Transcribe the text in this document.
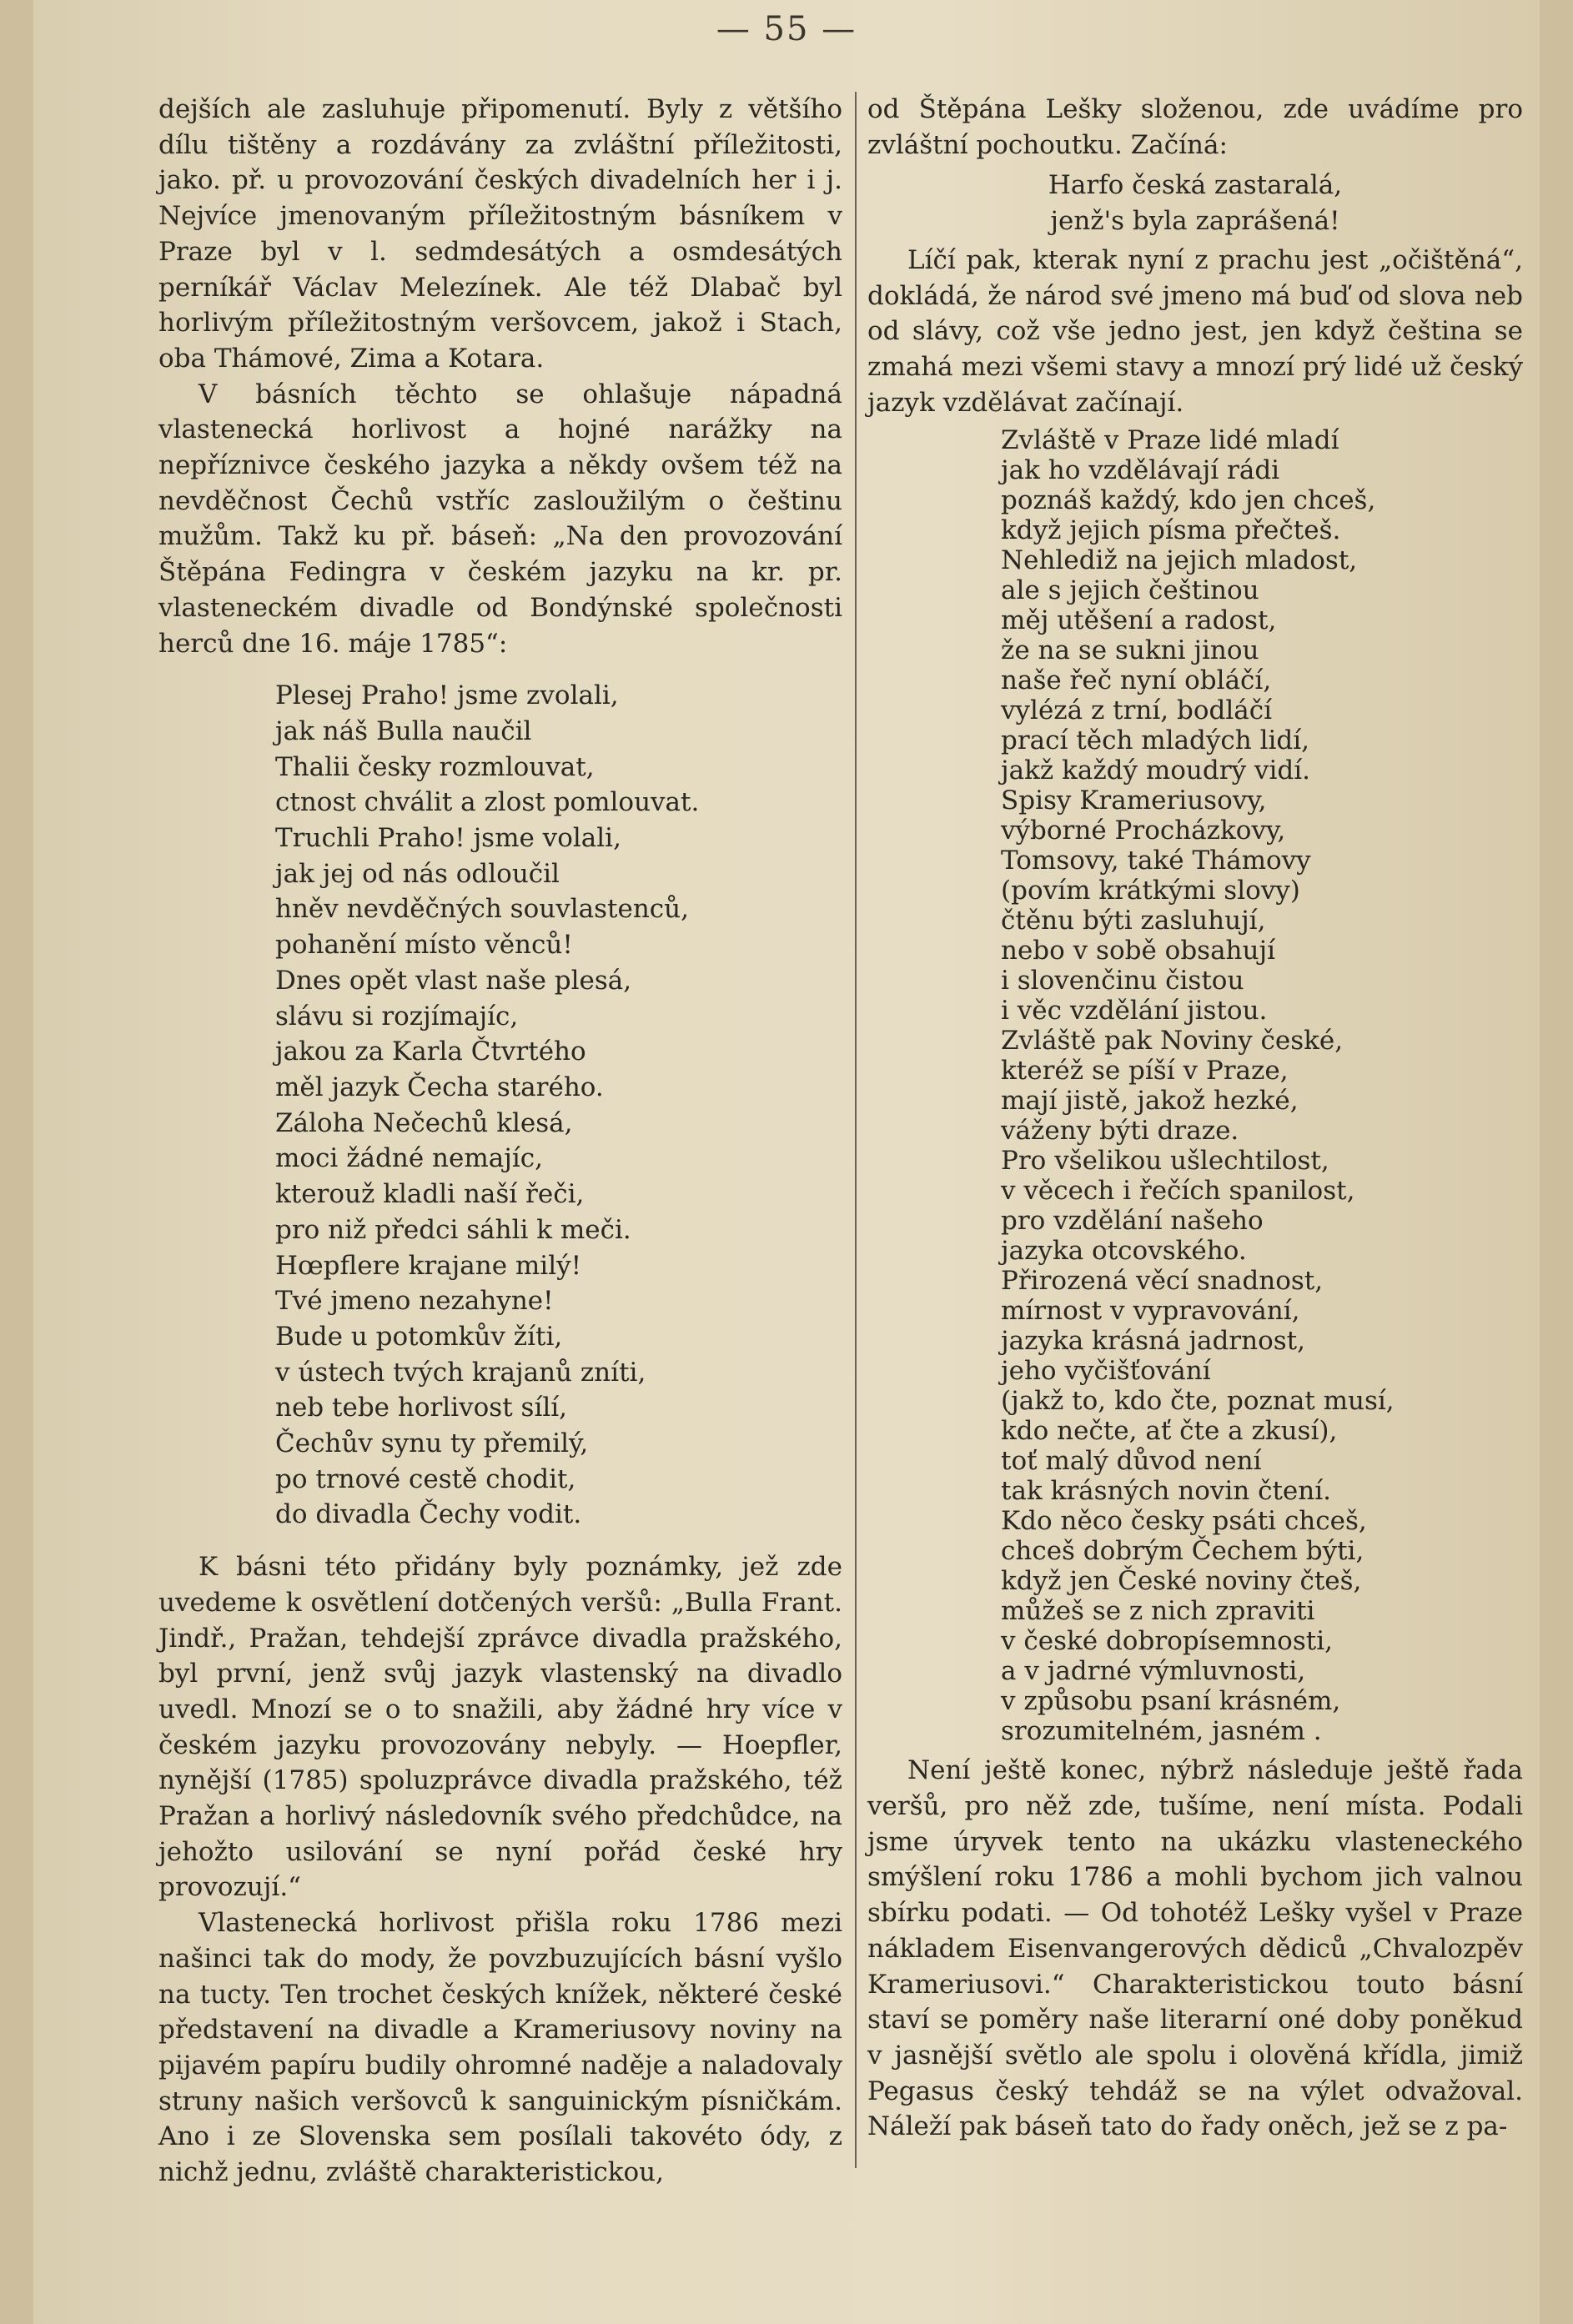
— 55 —

dejších ale zasluhuje připomenutí. Byly z většího dílu tištěny a rozdávány za zvláštní příležitosti, jako. př. u provozování českých divadelních her i j. Nejvíce jmenovaným příležitostným básníkem v Praze byl v l. sedmdesátých a osmdesátých perníkář Václav Melezínek. Ale též Dlabač byl horlivým příležitostným veršovcem, jakož i Stach, oba Thámové, Zima a Kotara.

V básních těchto se ohlašuje nápadná vlastenecká horlivost a hojné narážky na nepříznivce českého jazyka a někdy ovšem též na nevděčnost Čechů vstříc zasloužilým o češtinu mužům. Takž ku př. báseň: „Na den provozování Štěpána Fedingra v českém jazyku na kr. pr. vlasteneckém divadle od Bondýnské společnosti herců dne 16. máje 1785“:

Plesej Praho! jsme zvolali,
jak náš Bulla naučil
Thalii česky rozmlouvat,
ctnost chválit a zlost pomlouvat.
Truchli Praho! jsme volali,
jak jej od nás odloučil
hněv nevděčných souvlastenců,
pohanění místo věnců!
Dnes opět vlast naše plesá,
slávu si rozjímajíc,
jakou za Karla Čtvrtého
měl jazyk Čecha starého.
Záloha Nečechů klesá,
moci žádné nemajíc,
kterouž kladli naší řeči,
pro niž předci sáhli k meči.
Hœpflere krajane milý!
Tvé jmeno nezahyne!
Bude u potomkův žíti,
v ústech tvých krajanů zníti,
neb tebe horlivost sílí,
Čechův synu ty přemilý,
po trnové cestě chodit,
do divadla Čechy vodit.

K básni této přidány byly poznámky, jež zde uvedeme k osvětlení dotčených veršů: „Bulla Frant. Jindř., Pražan, tehdejší zprávce divadla pražského, byl první, jenž svůj jazyk vlastenský na divadlo uvedl. Mnozí se o to snažili, aby žádné hry více v českém jazyku provozovány nebyly. — Hoepfler, nynější (1785) spoluzprávce divadla pražského, též Pražan a horlivý následovník svého předchůdce, na jehožto usilování se nyní pořád české hry provozují.“

Vlastenecká horlivost přišla roku 1786 mezi našinci tak do mody, že povzbuzujících básní vyšlo na tucty. Ten trochet českých knížek, některé české představení na divadle a Krameriusovy noviny na pijavém papíru budily ohromné naděje a naladovaly struny našich veršovců k sanguinickým písničkám. Ano i ze Slovenska sem posílali takovéto ódy, z nichž jednu, zvláště charakteristickou,

od Štěpána Lešky složenou, zde uvádíme pro zvláštní pochoutku. Začíná:

Harfo česká zastaralá,
jenž's byla zaprášená!

Líčí pak, kterak nyní z prachu jest „očištěná“, dokládá, že národ své jmeno má buď od slova neb od slávy, což vše jedno jest, jen když čeština se zmahá mezi všemi stavy a mnozí prý lidé už český jazyk vzdělávat začínají.

Zvláště v Praze lidé mladí
jak ho vzdělávají rádi
poznáš každý, kdo jen chceš,
když jejich písma přečteš.
Nehlediž na jejich mladost,
ale s jejich češtinou
měj utěšení a radost,
že na se sukni jinou
naše řeč nyní obláčí,
vylézá z trní, bodláčí
prací těch mladých lidí,
jakž každý moudrý vidí.
Spisy Krameriusovy,
výborné Procházkovy,
Tomsovy, také Thámovy
(povím krátkými slovy)
čtěnu býti zasluhují,
nebo v sobě obsahují
i slovenčinu čistou
i věc vzdělání jistou.
Zvláště pak Noviny české,
kteréž se píší v Praze,
mají jistě, jakož hezké,
váženy býti draze.
Pro všelikou ušlechtilost,
v věcech i řečích spanilost,
pro vzdělání našeho
jazyka otcovského.
Přirozená věcí snadnost,
mírnost v vypravování,
jazyka krásná jadrnost,
jeho vyčišťování
(jakž to, kdo čte, poznat musí,
kdo nečte, ať čte a zkusí),
toť malý důvod není
tak krásných novin čtení.
Kdo něco česky psáti chceš,
chceš dobrým Čechem býti,
když jen České noviny čteš,
můžeš se z nich zpraviti
v české dobropísemnosti,
a v jadrné výmluvnosti,
v způsobu psaní krásném,
srozumitelném, jasném .

Není ještě konec, nýbrž následuje ještě řada veršů, pro něž zde, tušíme, není místa. Podali jsme úryvek tento na ukázku vlasteneckého smýšlení roku 1786 a mohli bychom jich valnou sbírku podati. — Od tohotéž Lešky vyšel v Praze nákladem Eisenvangerových dědiců „Chvalozpěv Krameriusovi.“ Charakteristickou touto básní staví se poměry naše literarní oné doby poněkud v jasnější světlo ale spolu i olověná křídla, jimiž Pegasus český tehdáž se na výlet odvažoval. Náleží pak báseň tato do řady oněch, jež se z pa-
